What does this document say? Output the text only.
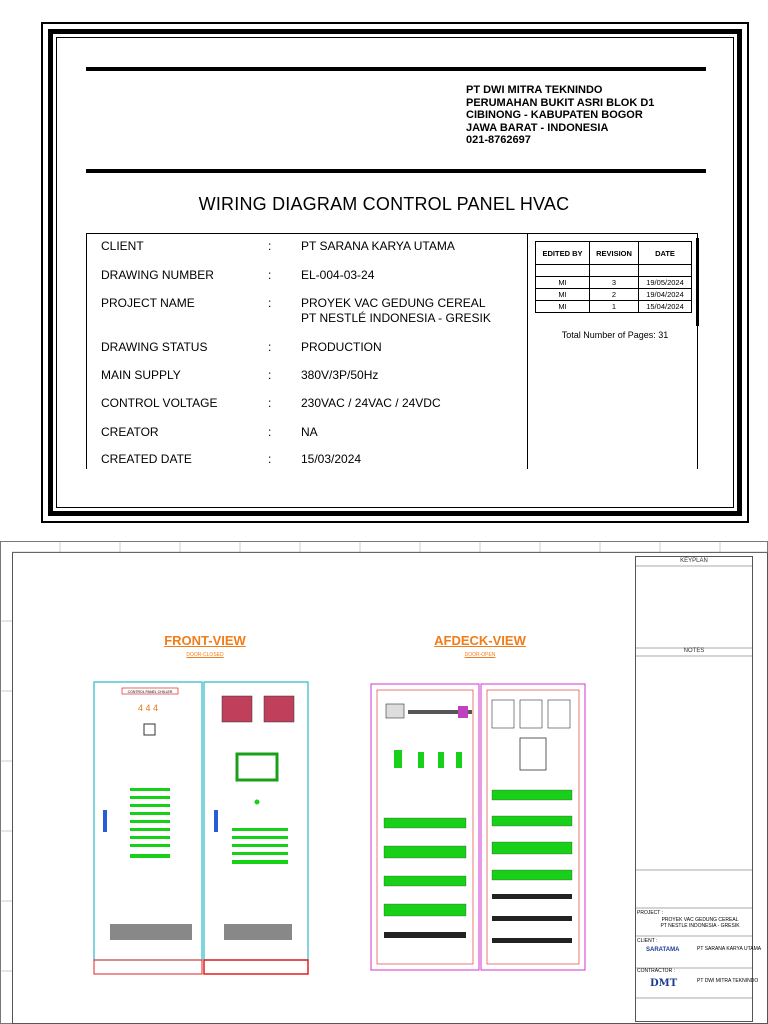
PT DWI MITRA TEKNINDO
PERUMAHAN BUKIT ASRI BLOK D1
CIBINONG - KABUPATEN BOGOR
JAWA BARAT - INDONESIA
021-8762697
WIRING DIAGRAM CONTROL PANEL HVAC
CLIENT	: PT SARANA KARYA UTAMA
DRAWING NUMBER	: EL-004-03-24
PROJECT NAME	: PROYEK VAC GEDUNG CEREAL
PT NESTLÉ INDONESIA - GRESIK
DRAWING STATUS	: PRODUCTION
MAIN SUPPLY	: 380V/3P/50Hz
CONTROL VOLTAGE	: 230VAC / 24VAC / 24VDC
CREATOR	: NA
CREATED DATE	: 15/03/2024
EDITED BY	REVISION	DATE

MI	3	19/05/2024
MI	2	19/04/2024
MI	1	15/04/2024
Total Number of Pages: 31
FRONT-VIEW
DOOR-CLOSED
AFDECK-VIEW
DOOR-OPEN
CONTROL PANEL CHILLER
4 4 4
KEYPLAN
NOTES
PROJECT :
PROYEK VAC GEDUNG CEREAL
PT NESTLE INDONESIA - GRESIK
CLIENT :
SARATAMA	PT SARANA KARYA UTAMA
CONTRACTOR :
DMT	PT DWI MITRA TEKNINDO
